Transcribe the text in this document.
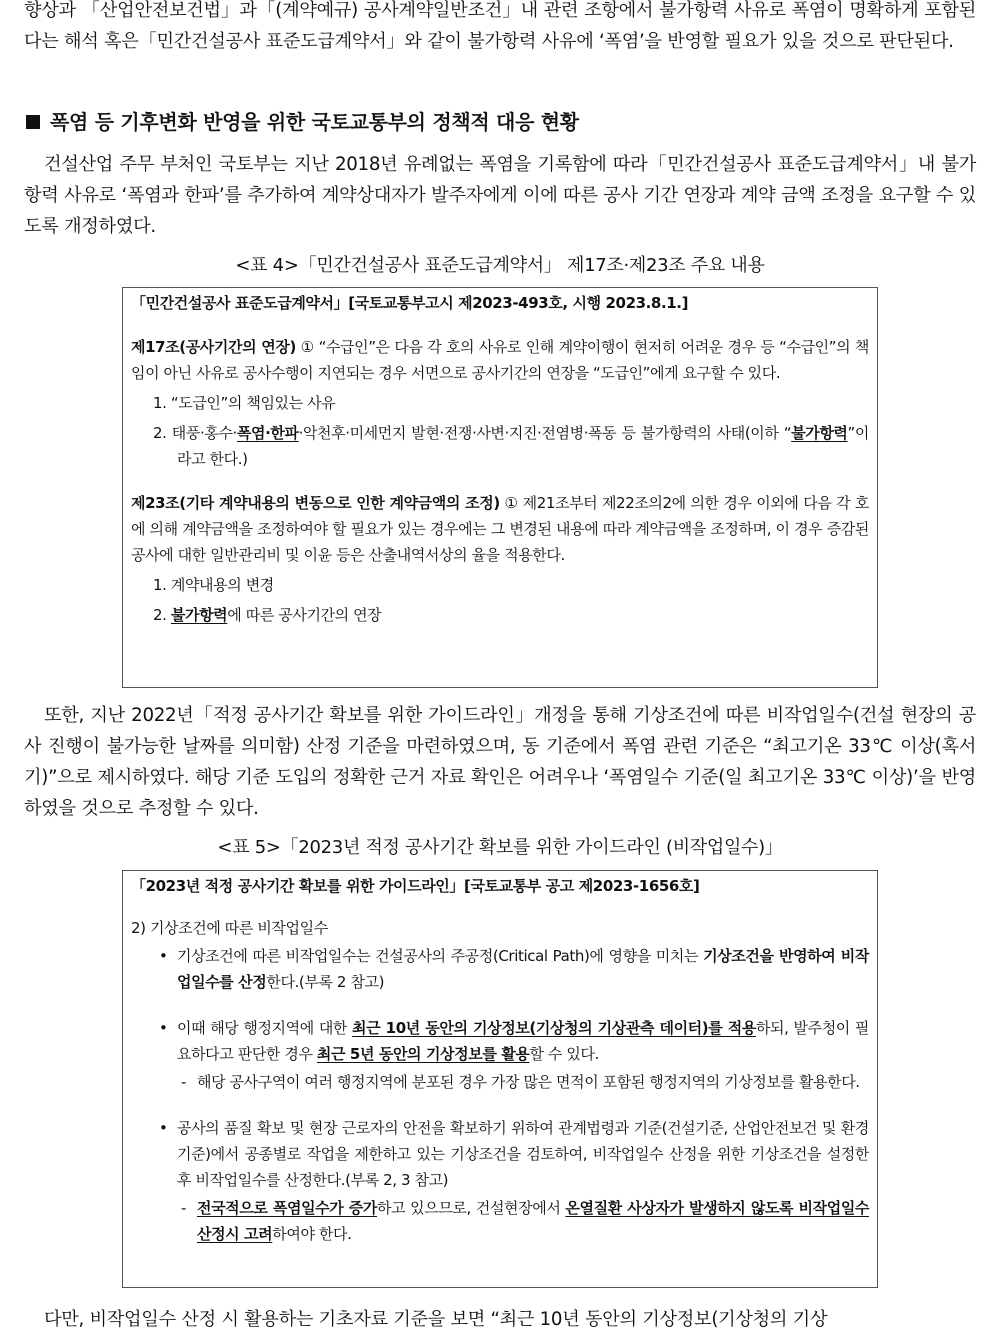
향상과 「산업안전보건법」과「(계약예규) 공사계약일반조건」내 관련 조항에서 불가항력 사유로 폭염이 명확하게 포함된다는 해석 혹은「민간건설공사 표준도급계약서」와 같이 불가항력 사유에 ‘폭염’을 반영할 필요가 있을 것으로 판단된다.

폭염 등 기후변화 반영을 위한 국토교통부의 정책적 대응 현황

건설산업 주무 부처인 국토부는 지난 2018년 유례없는 폭염을 기록함에 따라「민간건설공사 표준도급계약서」내 불가항력 사유로 ‘폭염과 한파’를 추가하여 계약상대자가 발주자에게 이에 따른 공사 기간 연장과 계약 금액 조정을 요구할 수 있도록 개정하였다.

<표 4>「민간건설공사 표준도급계약서」 제17조·제23조 주요 내용

「민간건설공사 표준도급계약서」[국토교통부고시 제2023-493호, 시행 2023.8.1.]

제17조(공사기간의 연장) ① “수급인”은 다음 각 호의 사유로 인해 계약이행이 현저히 어려운 경우 등 “수급인”의 책임이 아닌 사유로 공사수행이 지연되는 경우 서면으로 공사기간의 연장을 “도급인”에게 요구할 수 있다.

1. “도급인”의 책임있는 사유

2. 태풍·홍수·폭염·한파·악천후·미세먼지 발현·전쟁·사변·지진·전염병·폭동 등 불가항력의 사태(이하 “불가항력”이라고 한다.)

제23조(기타 계약내용의 변동으로 인한 계약금액의 조정) ① 제21조부터 제22조의2에 의한 경우 이외에 다음 각 호에 의해 계약금액을 조정하여야 할 필요가 있는 경우에는 그 변경된 내용에 따라 계약금액을 조정하며, 이 경우 증감된 공사에 대한 일반관리비 및 이윤 등은 산출내역서상의 율을 적용한다.

1. 계약내용의 변경

2. 불가항력에 따른 공사기간의 연장

또한, 지난 2022년「적정 공사기간 확보를 위한 가이드라인」개정을 통해 기상조건에 따른 비작업일수(건설 현장의 공사 진행이 불가능한 날짜를 의미함) 산정 기준을 마련하였으며, 동 기준에서 폭염 관련 기준은 “최고기온 33℃ 이상(혹서기)”으로 제시하였다. 해당 기준 도입의 정확한 근거 자료 확인은 어려우나 ‘폭염일수 기준(일 최고기온 33℃ 이상)’을 반영하였을 것으로 추정할 수 있다.

<표 5>「2023년 적정 공사기간 확보를 위한 가이드라인 (비작업일수)」

「2023년 적정 공사기간 확보를 위한 가이드라인」[국토교통부 공고 제2023-1656호]

2) 기상조건에 따른 비작업일수

• 기상조건에 따른 비작업일수는 건설공사의 주공정(Critical Path)에 영향을 미치는 기상조건을 반영하여 비작업일수를 산정한다.(부록 2 참고)

• 이때 해당 행정지역에 대한 최근 10년 동안의 기상정보(기상청의 기상관측 데이터)를 적용하되, 발주청이 필요하다고 판단한 경우 최근 5년 동안의 기상정보를 활용할 수 있다.

- 해당 공사구역이 여러 행정지역에 분포된 경우 가장 많은 면적이 포함된 행정지역의 기상정보를 활용한다.

• 공사의 품질 확보 및 현장 근로자의 안전을 확보하기 위하여 관계법령과 기준(건설기준, 산업안전보건 및 환경기준)에서 공종별로 작업을 제한하고 있는 기상조건을 검토하여, 비작업일수 산정을 위한 기상조건을 설정한 후 비작업일수를 산정한다.(부록 2, 3 참고)

- 전국적으로 폭염일수가 증가하고 있으므로, 건설현장에서 온열질환 사상자가 발생하지 않도록 비작업일수 산정시 고려하여야 한다.

다만, 비작업일수 산정 시 활용하는 기초자료 기준을 보면 “최근 10년 동안의 기상정보(기상청의 기상
